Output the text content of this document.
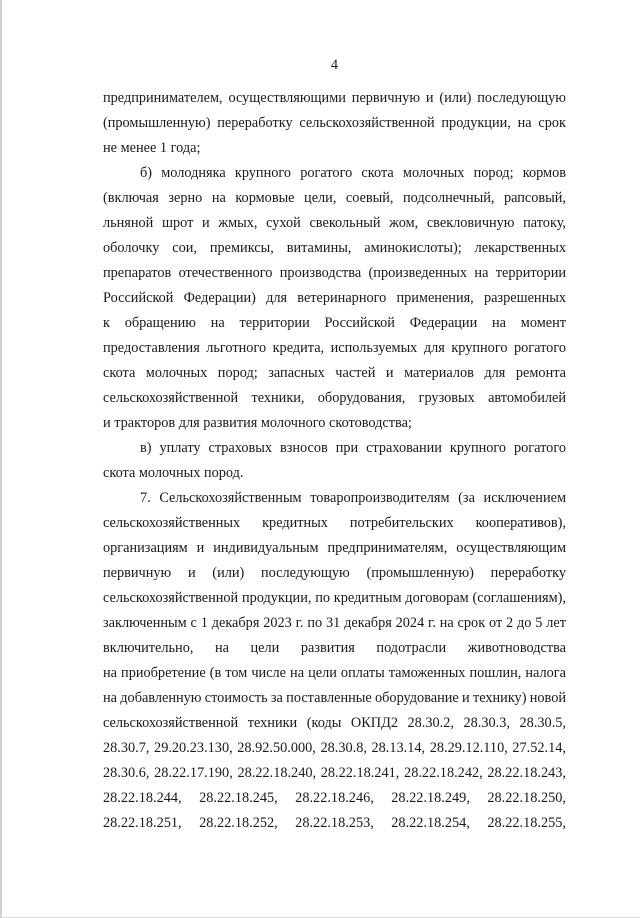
4
предпринимателем, осуществляющими первичную и (или) последующую
(промышленную) переработку сельскохозяйственной продукции, на срок
не менее 1 года;
б) молодняка крупного рогатого скота молочных пород; кормов
(включая зерно на кормовые цели, соевый, подсолнечный, рапсовый,
льняной шрот и жмых, сухой свекольный жом, свекловичную патоку,
оболочку сои, премиксы, витамины, аминокислоты); лекарственных
препаратов отечественного производства (произведенных на территории
Российской Федерации) для ветеринарного применения, разрешенных
к обращению на территории Российской Федерации на момент
предоставления льготного кредита, используемых для крупного рогатого
скота молочных пород; запасных частей и материалов для ремонта
сельскохозяйственной техники, оборудования, грузовых автомобилей
и тракторов для развития молочного скотоводства;
в) уплату страховых взносов при страховании крупного рогатого
скота молочных пород.
7. Сельскохозяйственным товаропроизводителям (за исключением
сельскохозяйственных кредитных потребительских кооперативов),
организациям и индивидуальным предпринимателям, осуществляющим
первичную и (или) последующую (промышленную) переработку
сельскохозяйственной продукции, по кредитным договорам (соглашениям),
заключенным с 1 декабря 2023 г. по 31 декабря 2024 г. на срок от 2 до 5 лет
включительно, на цели развития подотрасли животноводства
на приобретение (в том числе на цели оплаты таможенных пошлин, налога
на добавленную стоимость за поставленные оборудование и технику) новой
сельскохозяйственной техники (коды ОКПД2 28.30.2, 28.30.3, 28.30.5,
28.30.7, 29.20.23.130, 28.92.50.000, 28.30.8, 28.13.14, 28.29.12.110, 27.52.14,
28.30.6, 28.22.17.190, 28.22.18.240, 28.22.18.241, 28.22.18.242, 28.22.18.243,
28.22.18.244, 28.22.18.245, 28.22.18.246, 28.22.18.249, 28.22.18.250,
28.22.18.251, 28.22.18.252, 28.22.18.253, 28.22.18.254, 28.22.18.255,
